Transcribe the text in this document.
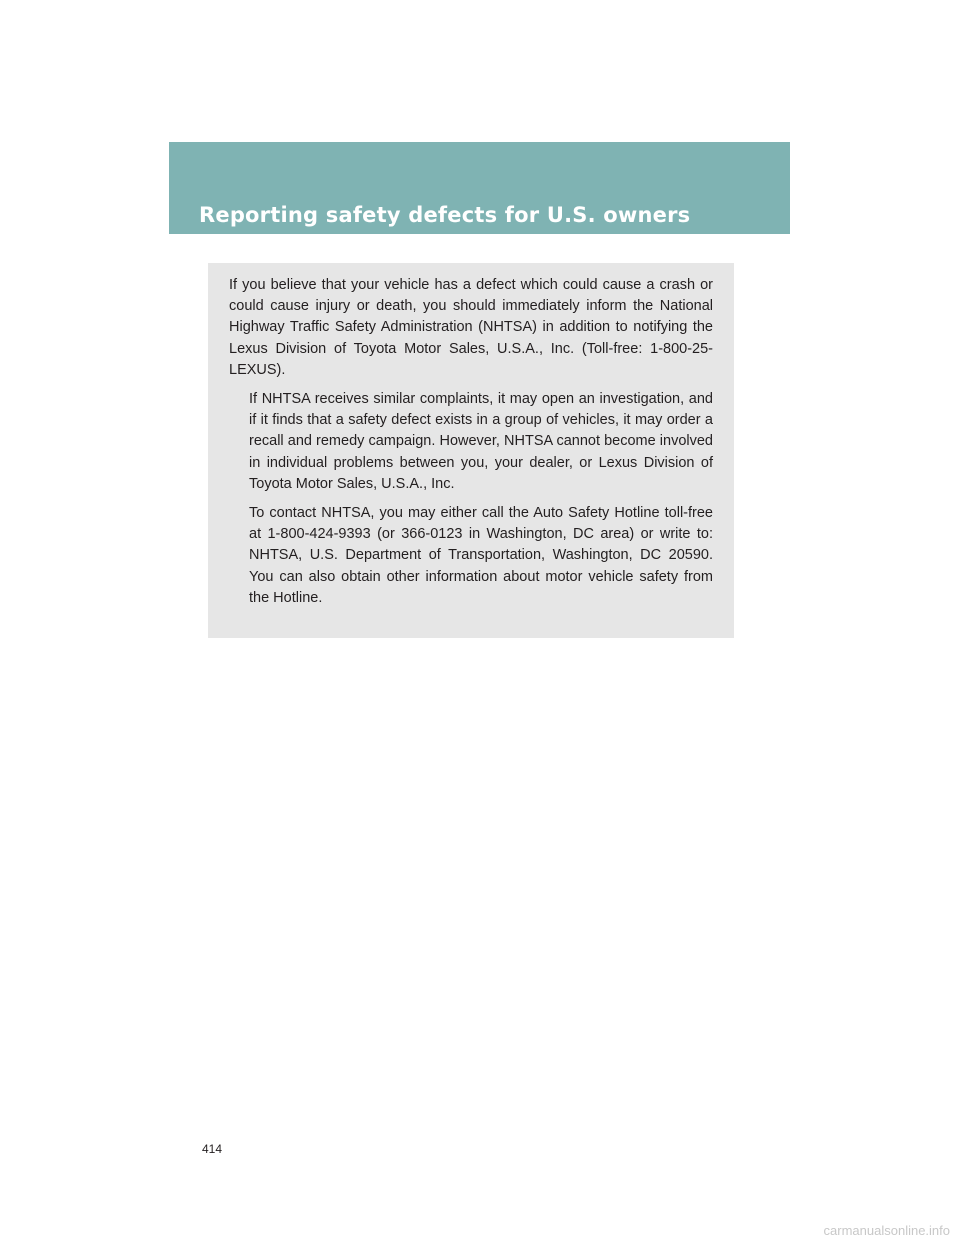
Reporting safety defects for U.S. owners

If you believe that your vehicle has a defect which could cause a crash or could cause injury or death, you should immediately inform the National Highway Traffic Safety Administration (NHTSA) in addition to notifying the Lexus Division of Toyota Motor Sales, U.S.A., Inc. (Toll-free: 1-800-25-LEXUS).

If NHTSA receives similar complaints, it may open an investigation, and if it finds that a safety defect exists in a group of vehicles, it may order a recall and remedy campaign. However, NHTSA cannot become involved in individual problems between you, your dealer, or Lexus Division of Toyota Motor Sales, U.S.A., Inc.

To contact NHTSA, you may either call the Auto Safety Hotline toll-free at 1-800-424-9393 (or 366-0123 in Washington, DC area) or write to: NHTSA, U.S. Department of Transportation, Washington, DC 20590. You can also obtain other information about motor vehicle safety from the Hotline.

414
carmanualsonline.info
